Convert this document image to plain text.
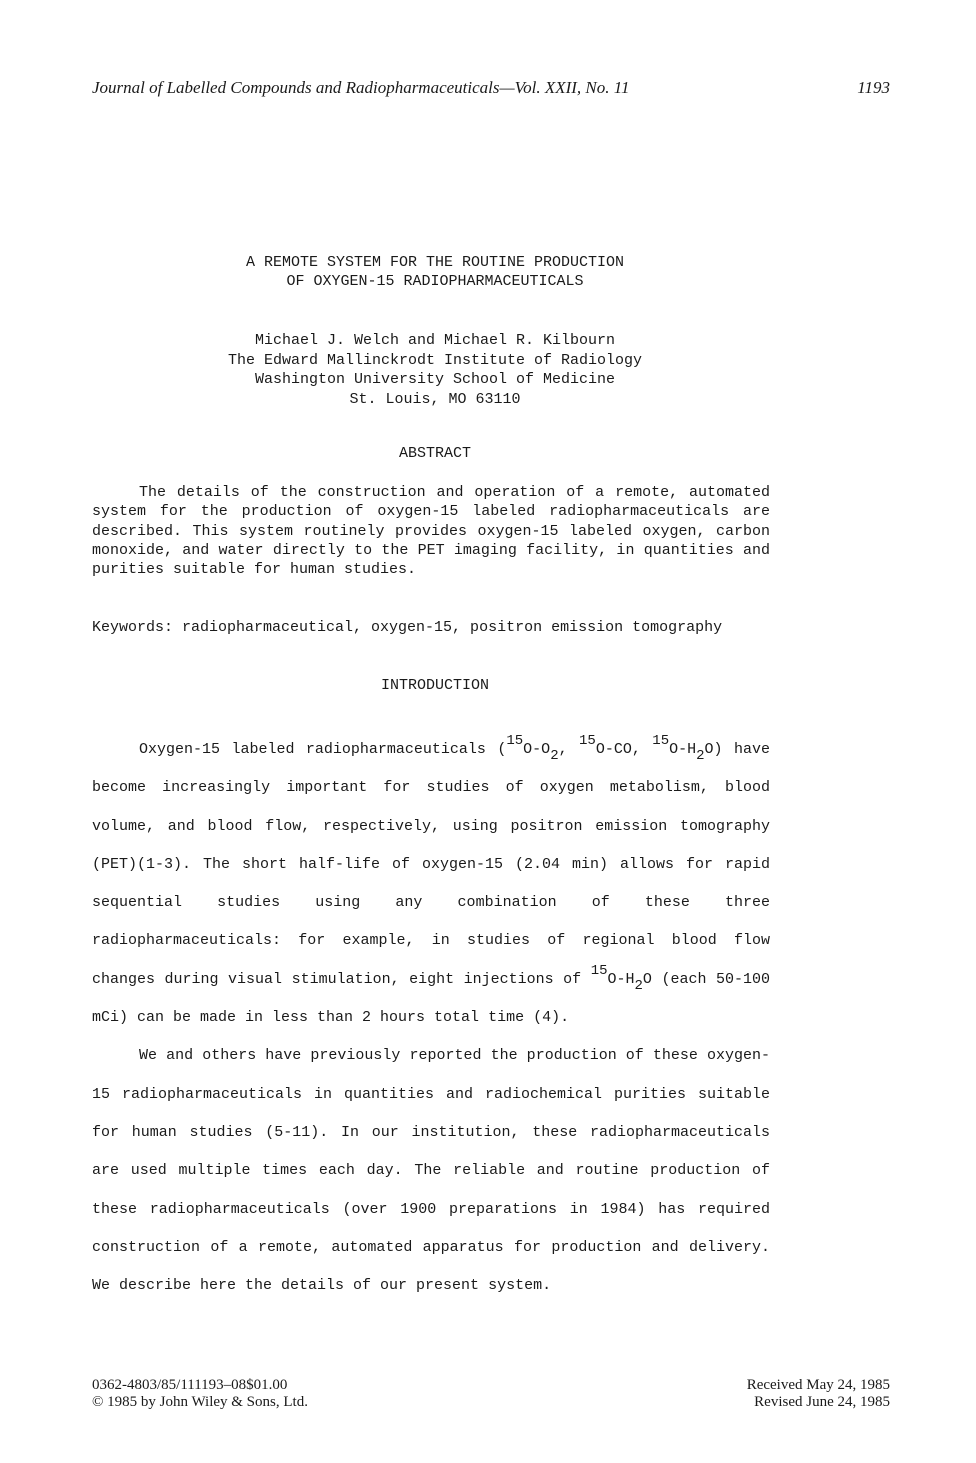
Journal of Labelled Compounds and Radiopharmaceuticals—Vol. XXII, No. 11	1193
A REMOTE SYSTEM FOR THE ROUTINE PRODUCTION
OF OXYGEN-15 RADIOPHARMACEUTICALS
Michael J. Welch and Michael R. Kilbourn
The Edward Mallinckrodt Institute of Radiology
Washington University School of Medicine
St. Louis, MO 63110
ABSTRACT

The details of the construction and operation of a remote, automated system for the production of oxygen-15 labeled radiopharmaceuticals are described. This system routinely provides oxygen-15 labeled oxygen, carbon monoxide, and water directly to the PET imaging facility, in quantities and purities suitable for human studies.

Keywords: radiopharmaceutical, oxygen-15, positron emission tomography
INTRODUCTION

Oxygen-15 labeled radiopharmaceuticals ($^{15}O-O_2$, $^{15}$O-CO, $^{15}O-H_2O$) have become increasingly important for studies of oxygen metabolism, blood volume, and blood flow, respectively, using positron emission tomography (PET)(1-3). The short half-life of oxygen-15 (2.04 min) allows for rapid sequential studies using any combination of these three radiopharmaceuticals: for example, in studies of regional blood flow changes during visual stimulation, eight injections of $^{15}O-H_2O$ (each 50-100 mCi) can be made in less than 2 hours total time (4).

We and others have previously reported the production of these oxygen-15 radiopharmaceuticals in quantities and radiochemical purities suitable for human studies (5-11). In our institution, these radiopharmaceuticals are used multiple times each day. The reliable and routine production of these radiopharmaceuticals (over 1900 preparations in 1984) has required construction of a remote, automated apparatus for production and delivery. We describe here the details of our present system.

0362-4803/85/111193–08$01.00
© 1985 by John Wiley & Sons, Ltd.
Received May 24, 1985
Revised June 24, 1985
